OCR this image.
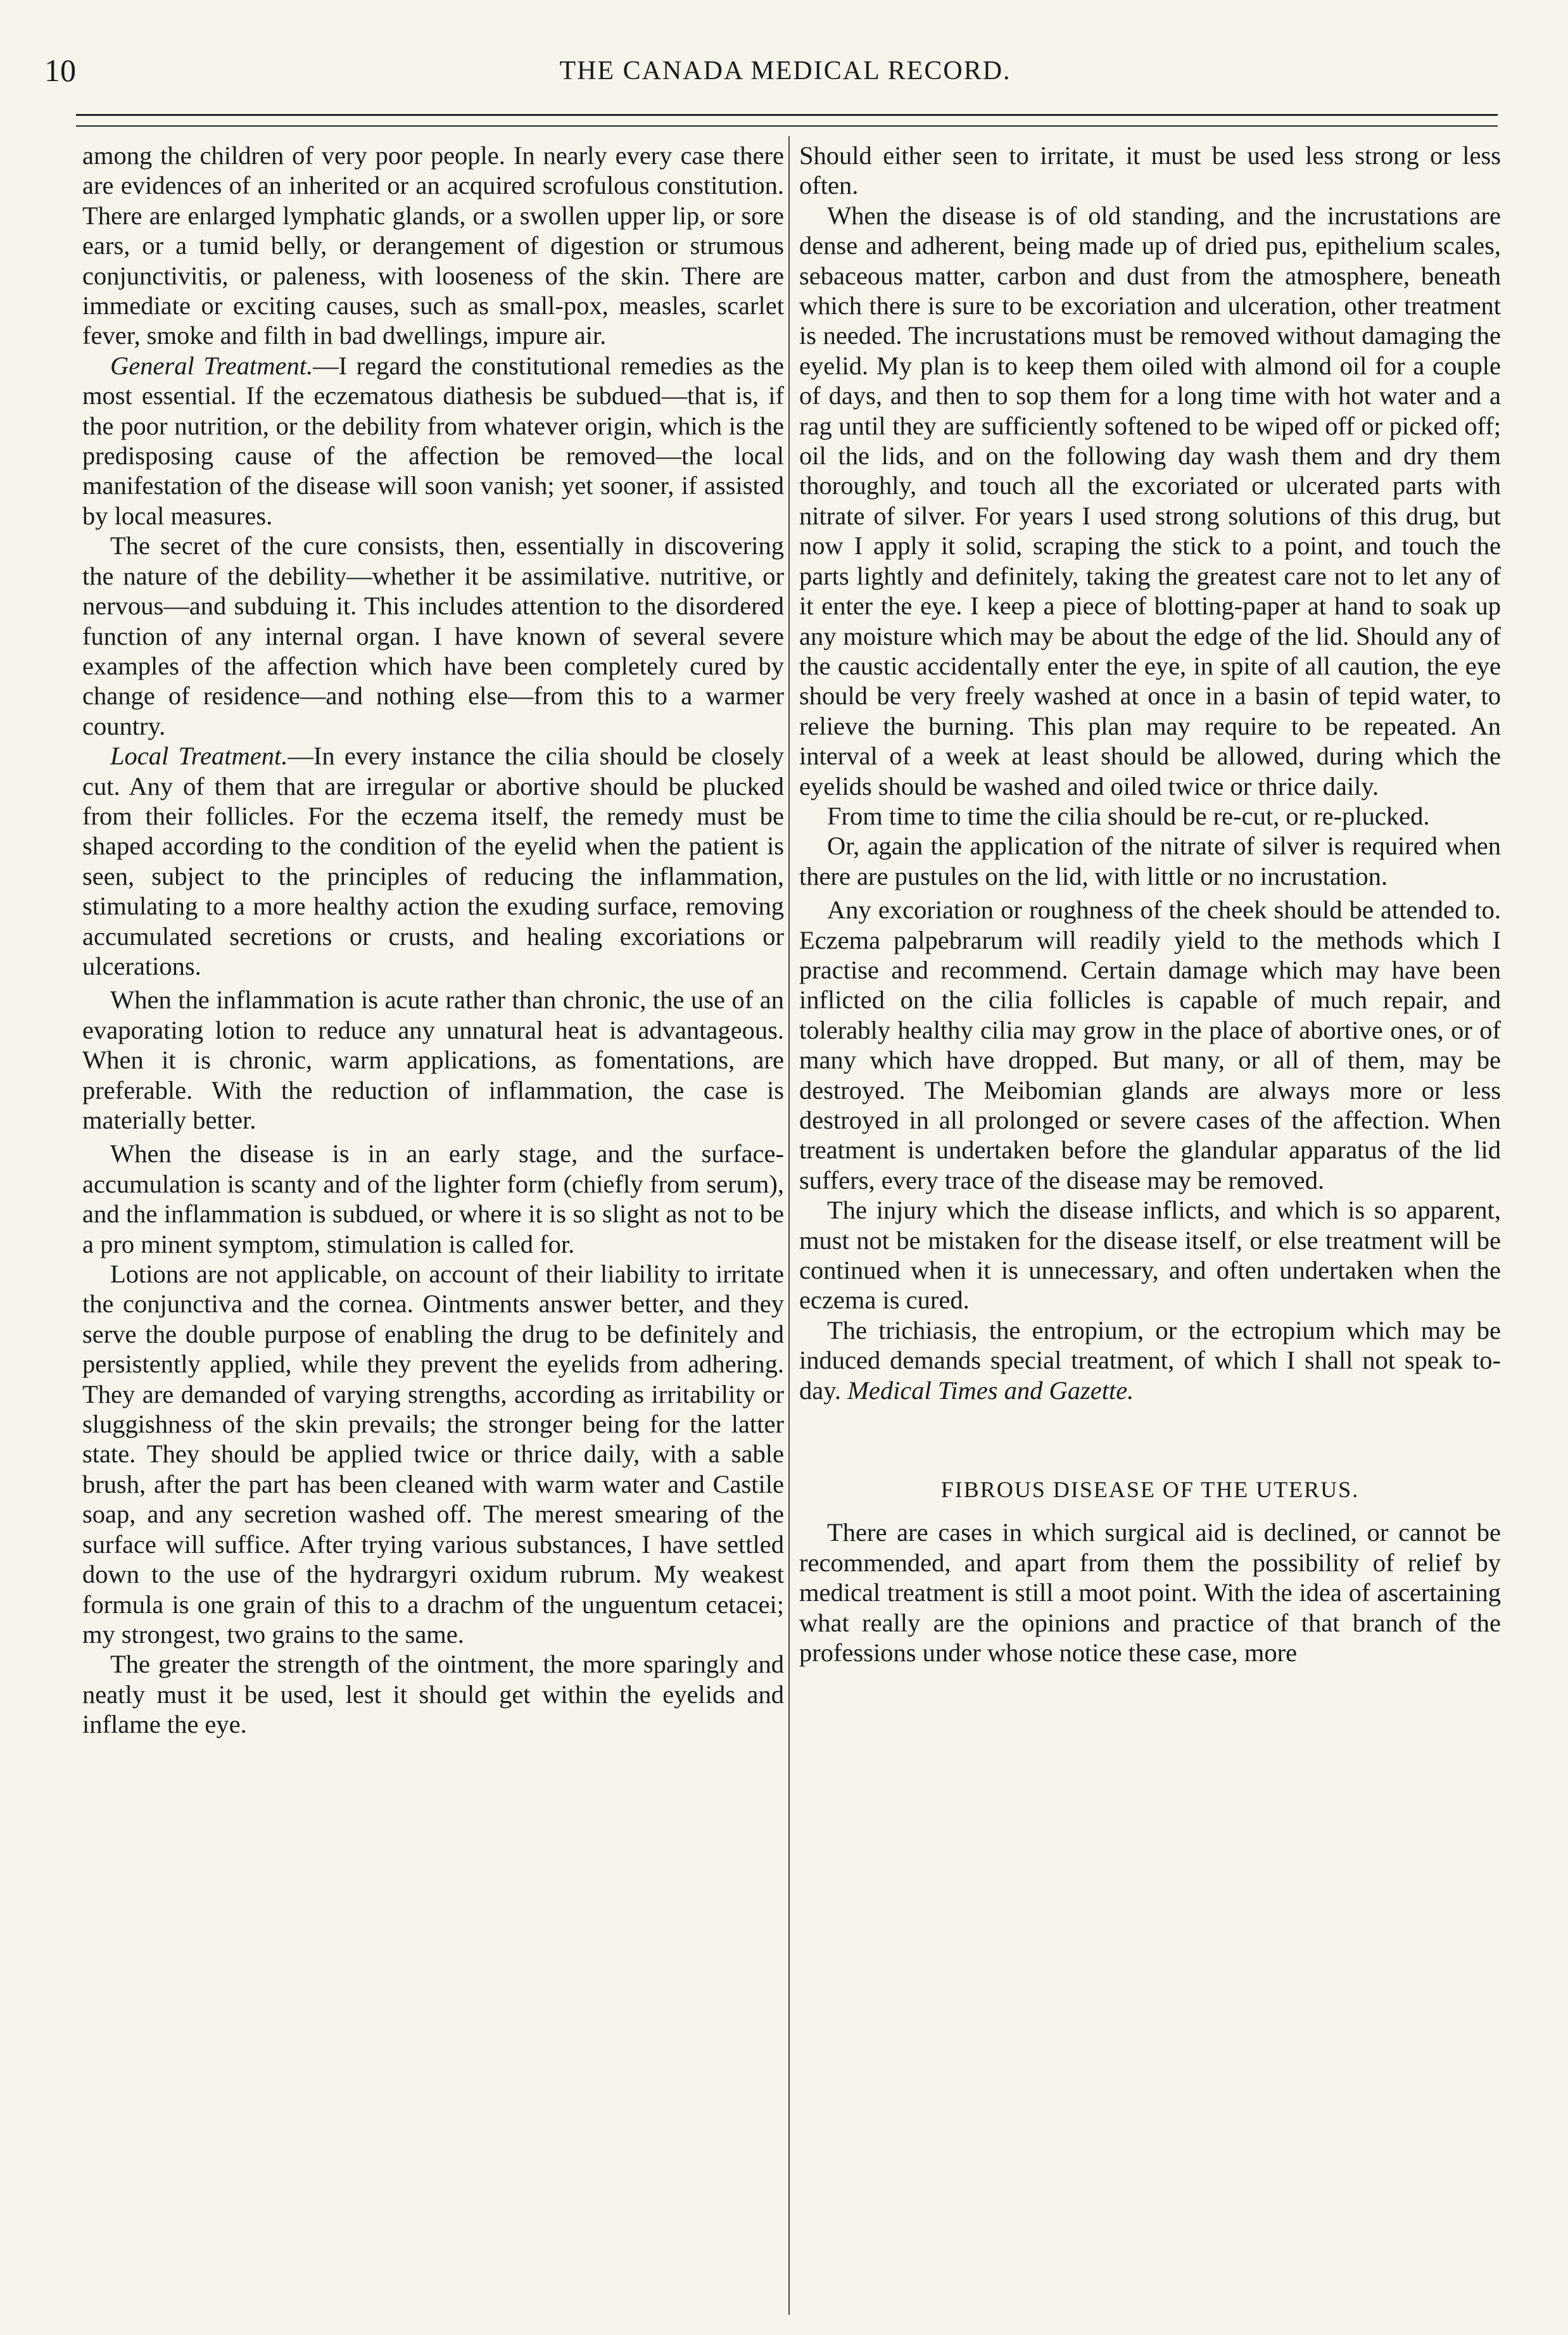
10	THE CANADA MEDICAL RECORD.

among the children of very poor people. In nearly every case there are evidences of an inherited or an acquired scrofulous constitution. There are enlarged lymphatic glands, or a swollen upper lip, or sore ears, or a tumid belly, or derangement of digestion or strumous conjunctivitis, or paleness, with looseness of the skin. There are immediate or exciting causes, such as small-pox, measles, scarlet fever, smoke and filth in bad dwellings, impure air.

General Treatment.—I regard the constitutional remedies as the most essential. If the eczematous diathesis be subdued—that is, if the poor nutrition, or the debility from whatever origin, which is the predisposing cause of the affection be removed—the local manifestation of the disease will soon vanish; yet sooner, if assisted by local measures.

The secret of the cure consists, then, essentially in discovering the nature of the debility—whether it be assimilative. nutritive, or nervous—and subduing it. This includes attention to the disordered function of any internal organ. I have known of several severe examples of the affection which have been completely cured by change of residence—and nothing else—from this to a warmer country.

Local Treatment.—In every instance the cilia should be closely cut. Any of them that are irregular or abortive should be plucked from their follicles. For the eczema itself, the remedy must be shaped according to the condition of the eyelid when the patient is seen, subject to the principles of reducing the inflammation, stimulating to a more healthy action the exuding surface, removing accumulated secretions or crusts, and healing excoriations or ulcerations.

When the inflammation is acute rather than chronic, the use of an evaporating lotion to reduce any unnatural heat is advantageous. When it is chronic, warm applications, as fomentations, are preferable. With the reduction of inflammation, the case is materially better.

When the disease is in an early stage, and the surface-accumulation is scanty and of the lighter form (chiefly from serum), and the inflammation is subdued, or where it is so slight as not to be a pro minent symptom, stimulation is called for.

Lotions are not applicable, on account of their liability to irritate the conjunctiva and the cornea. Ointments answer better, and they serve the double purpose of enabling the drug to be definitely and persistently applied, while they prevent the eyelids from adhering. They are demanded of varying strengths, according as irritability or sluggishness of the skin prevails; the stronger being for the latter state. They should be applied twice or thrice daily, with a sable brush, after the part has been cleaned with warm water and Castile soap, and any secretion washed off. The merest smearing of the surface will suffice. After trying various substances, I have settled down to the use of the hydrargyri oxidum rubrum. My weakest formula is one grain of this to a drachm of the unguentum cetacei; my strongest, two grains to the same.

The greater the strength of the ointment, the more sparingly and neatly must it be used, lest it should get within the eyelids and inflame the eye.

Should either seen to irritate, it must be used less strong or less often.

When the disease is of old standing, and the incrustations are dense and adherent, being made up of dried pus, epithelium scales, sebaceous matter, carbon and dust from the atmosphere, beneath which there is sure to be excoriation and ulceration, other treatment is needed. The incrustations must be removed without damaging the eyelid. My plan is to keep them oiled with almond oil for a couple of days, and then to sop them for a long time with hot water and a rag until they are sufficiently softened to be wiped off or picked off; oil the lids, and on the following day wash them and dry them thoroughly, and touch all the excoriated or ulcerated parts with nitrate of silver. For years I used strong solutions of this drug, but now I apply it solid, scraping the stick to a point, and touch the parts lightly and definitely, taking the greatest care not to let any of it enter the eye. I keep a piece of blotting-paper at hand to soak up any moisture which may be about the edge of the lid. Should any of the caustic accidentally enter the eye, in spite of all caution, the eye should be very freely washed at once in a basin of tepid water, to relieve the burning. This plan may require to be repeated. An interval of a week at least should be allowed, during which the eyelids should be washed and oiled twice or thrice daily.

From time to time the cilia should be re-cut, or re-plucked.

Or, again the application of the nitrate of silver is required when there are pustules on the lid, with little or no incrustation.

Any excoriation or roughness of the cheek should be attended to. Eczema palpebrarum will readily yield to the methods which I practise and recommend. Certain damage which may have been inflicted on the cilia follicles is capable of much repair, and tolerably healthy cilia may grow in the place of abortive ones, or of many which have dropped. But many, or all of them, may be destroyed. The Meibomian glands are always more or less destroyed in all prolonged or severe cases of the affection. When treatment is undertaken before the glandular apparatus of the lid suffers, every trace of the disease may be removed.

The injury which the disease inflicts, and which is so apparent, must not be mistaken for the disease itself, or else treatment will be continued when it is unnecessary, and often undertaken when the eczema is cured.

The trichiasis, the entropium, or the ectropium which may be induced demands special treatment, of which I shall not speak to-day. Medical Times and Gazette.

FIBROUS DISEASE OF THE UTERUS.

There are cases in which surgical aid is declined, or cannot be recommended, and apart from them the possibility of relief by medical treatment is still a moot point. With the idea of ascertaining what really are the opinions and practice of that branch of the professions under whose notice these case, more
